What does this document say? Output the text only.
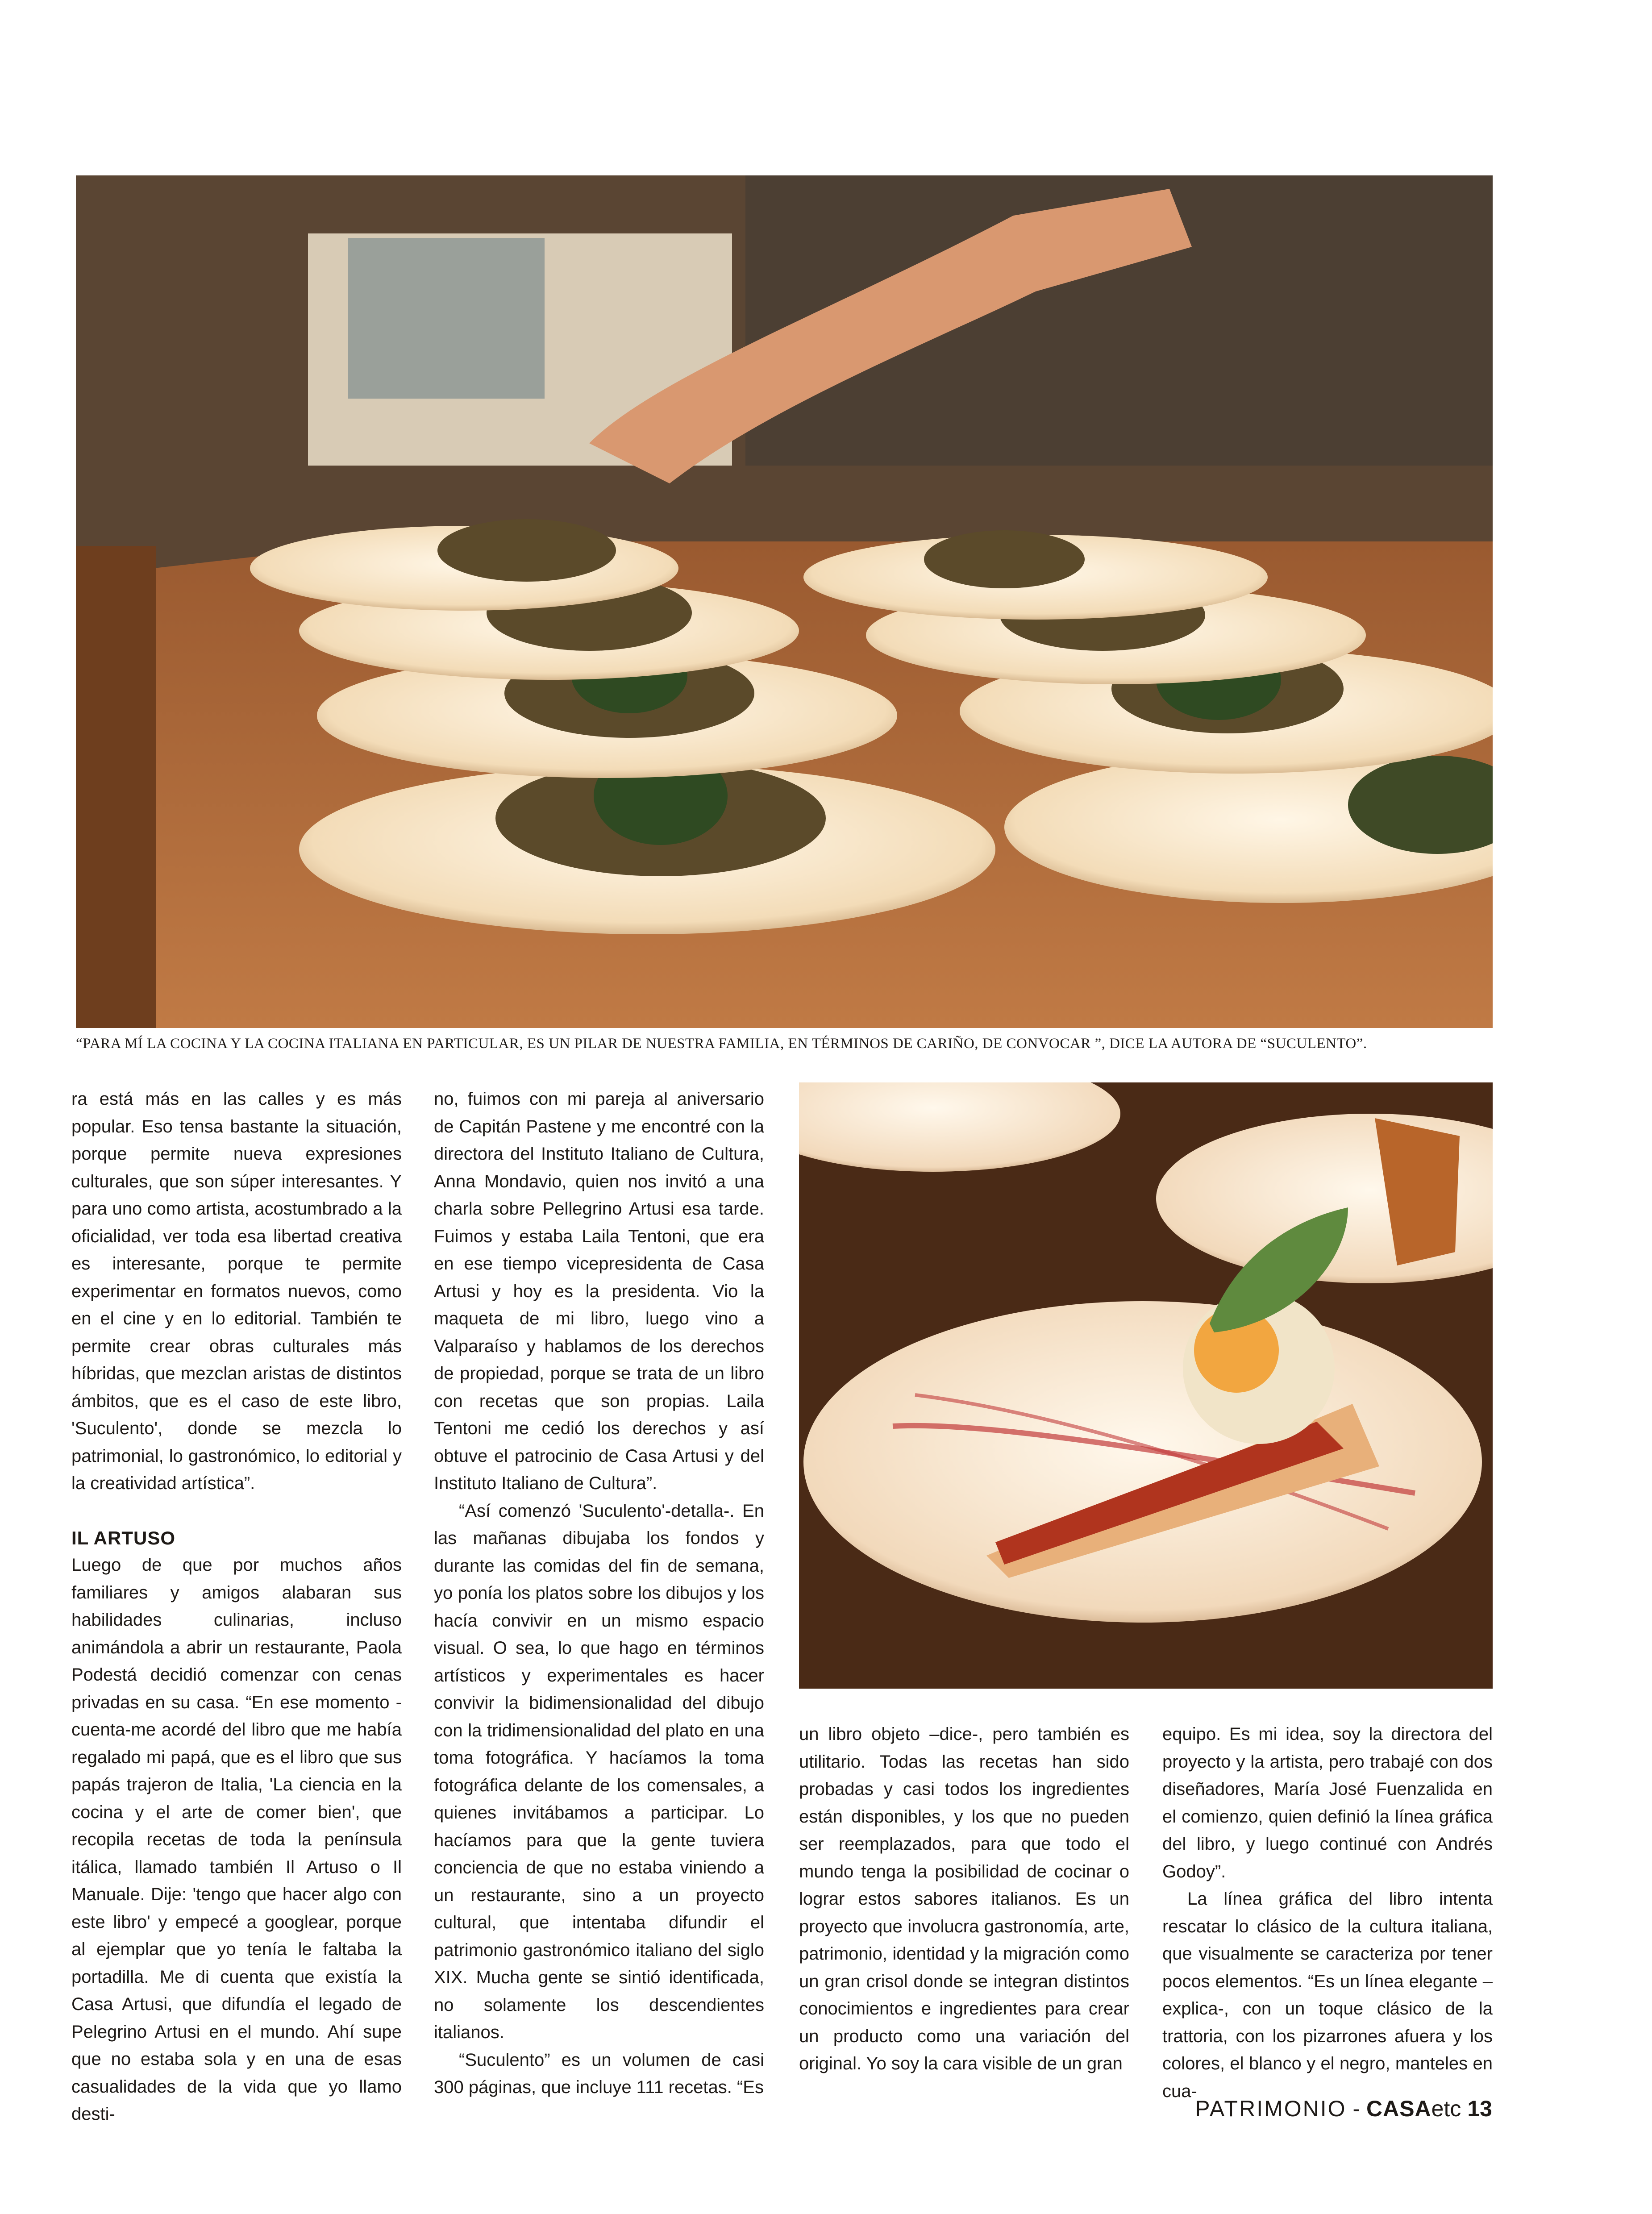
“PARA MÍ LA COCINA Y LA COCINA ITALIANA EN PARTICULAR, ES UN PILAR DE NUESTRA FAMILIA, EN TÉRMINOS DE CARIÑO, DE CONVOCAR ”, DICE LA AUTORA DE “SUCULENTO”.

ra está más en las calles y es más popular. Eso tensa bastante la situación, porque permite nueva expresiones culturales, que son súper interesantes. Y para uno como artista, acostumbrado a la oficialidad, ver toda esa libertad creativa es interesante, porque te permite experimentar en formatos nuevos, como en el cine y en lo editorial. También te permite crear obras culturales más híbridas, que mezclan aristas de distintos ámbitos, que es el caso de este libro, 'Suculento', donde se mezcla lo patrimonial, lo gastronómico, lo editorial y la creatividad artística”.

IL ARTUSO

Luego de que por muchos años familiares y amigos alabaran sus habilidades culinarias, incluso animándola a abrir un restaurante, Paola Podestá decidió comenzar con cenas privadas en su casa. “En ese momento -cuenta-me acordé del libro que me había regalado mi papá, que es el libro que sus papás trajeron de Italia, 'La ciencia en la cocina y el arte de comer bien', que recopila recetas de toda la península itálica, llamado también Il Artuso o Il Manuale. Dije: 'tengo que hacer algo con este libro' y empecé a googlear, porque al ejemplar que yo tenía le faltaba la portadilla. Me di cuenta que existía la Casa Artusi, que difundía el legado de Pelegrino Artusi en el mundo. Ahí supe que no estaba sola y en una de esas casualidades de la vida que yo llamo desti-

no, fuimos con mi pareja al aniversario de Capitán Pastene y me encontré con la directora del Instituto Italiano de Cultura, Anna Mondavio, quien nos invitó a una charla sobre Pellegrino Artusi esa tarde. Fuimos y estaba Laila Tentoni, que era en ese tiempo vicepresidenta de Casa Artusi y hoy es la presidenta. Vio la maqueta de mi libro, luego vino a Valparaíso y hablamos de los derechos de propiedad, porque se trata de un libro con recetas que son propias. Laila Tentoni me cedió los derechos y así obtuve el patrocinio de Casa Artusi y del Instituto Italiano de Cultura”.

“Así comenzó 'Suculento'-detalla-. En las mañanas dibujaba los fondos y durante las comidas del fin de semana, yo ponía los platos sobre los dibujos y los hacía convivir en un mismo espacio visual. O sea, lo que hago en términos artísticos y experimentales es hacer convivir la bidimensionalidad del dibujo con la tridimensionalidad del plato en una toma fotográfica. Y hacíamos la toma fotográfica delante de los comensales, a quienes invitábamos a participar. Lo hacíamos para que la gente tuviera conciencia de que no estaba viniendo a un restaurante, sino a un proyecto cultural, que intentaba difundir el patrimonio gastronómico italiano del siglo XIX. Mucha gente se sintió identificada, no solamente los descendientes italianos.

“Suculento” es un volumen de casi 300 páginas, que incluye 111 recetas. “Es

un libro objeto –dice-, pero también es utilitario. Todas las recetas han sido probadas y casi todos los ingredientes están disponibles, y los que no pueden ser reemplazados, para que todo el mundo tenga la posibilidad de cocinar o lograr estos sabores italianos. Es un proyecto que involucra gastronomía, arte, patrimonio, identidad y la migración como un gran crisol donde se integran distintos conocimientos e ingredientes para crear un producto como una variación del original. Yo soy la cara visible de un gran

equipo. Es mi idea, soy la directora del proyecto y la artista, pero trabajé con dos diseñadores, María José Fuenzalida en el comienzo, quien definió la línea gráfica del libro, y luego continué con Andrés Godoy”.

La línea gráfica del libro intenta rescatar lo clásico de la cultura italiana, que visualmente se caracteriza por tener pocos elementos. “Es un línea elegante –explica-, con un toque clásico de la trattoria, con los pizarrones afuera y los colores, el blanco y el negro, manteles en cua-

PATRIMONIO - CASAetc 13
